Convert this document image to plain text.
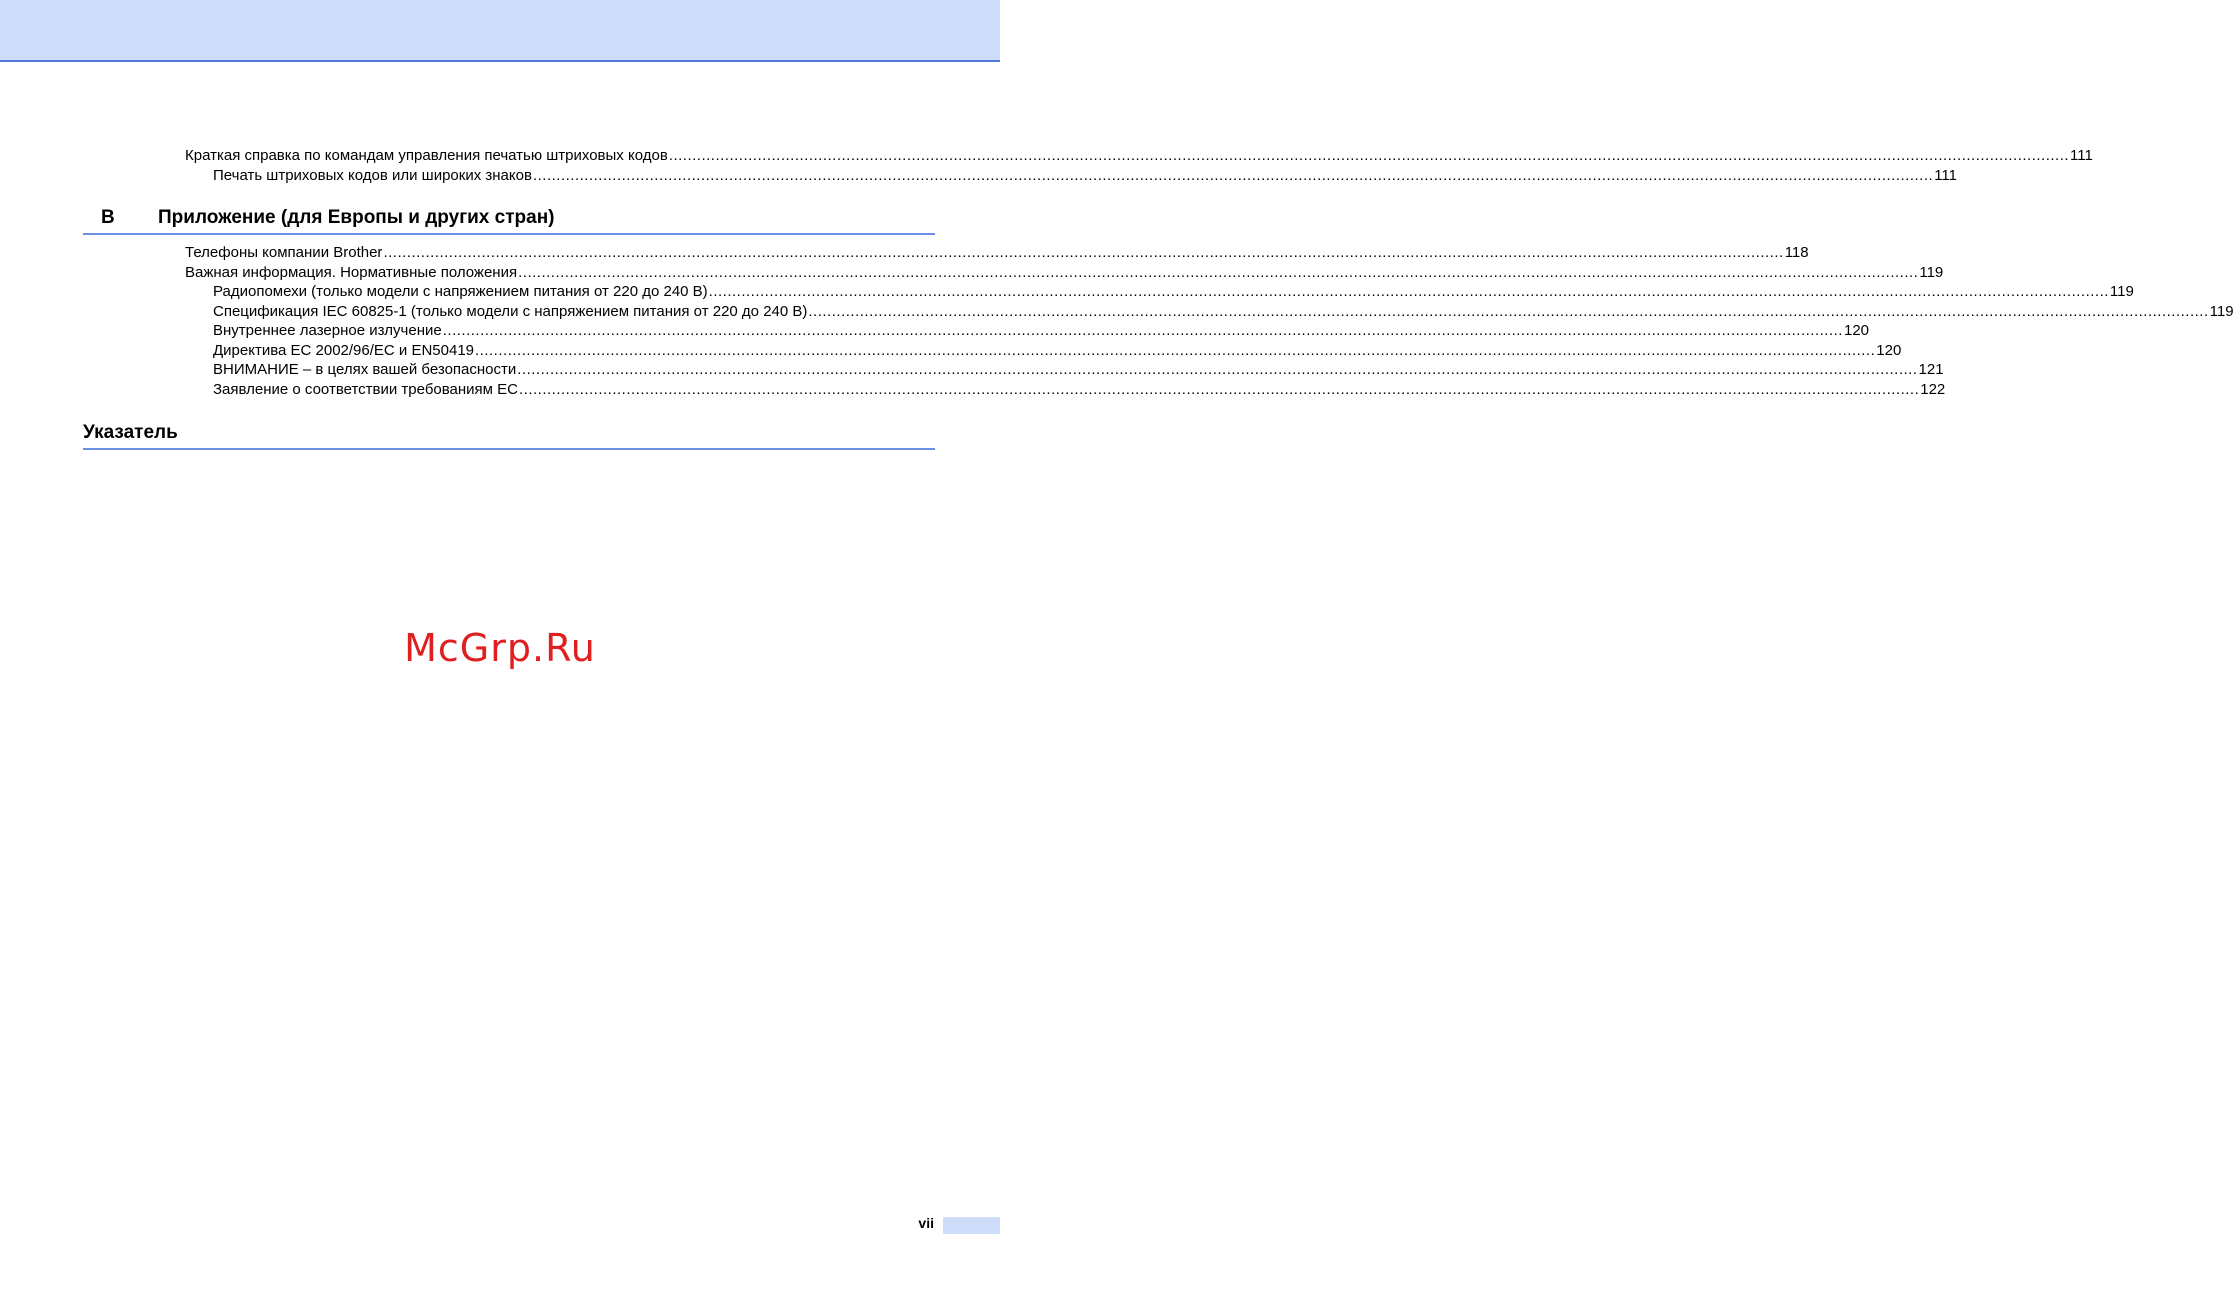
Краткая справка по командам управления печатью штриховых кодов ............................................................................................................................................................................................................................................................................................................ 111
Печать штриховых кодов или широких знаков ............................................................................................................................................................................................................................................................................................................ 111
B Приложение (для Европы и других стран)
Телефоны компании Brother ............................................................................................................................................................................................................................................................................................................ 118
Важная информация. Нормативные положения ............................................................................................................................................................................................................................................................................................................ 119
Радиопомехи (только модели с напряжением питания от 220 до 240 В) ............................................................................................................................................................................................................................................................................................................ 119
Спецификация IEC 60825-1 (только модели с напряжением питания от 220 до 240 В) ............................................................................................................................................................................................................................................................................................................ 119
Внутреннее лазерное излучение ............................................................................................................................................................................................................................................................................................................ 120
Директива ЕС 2002/96/ЕС и EN50419 ............................................................................................................................................................................................................................................................................................................ 120
ВНИМАНИЕ – в целях вашей безопасности ............................................................................................................................................................................................................................................................................................................ 121
Заявление о соответствии требованиям ЕС ............................................................................................................................................................................................................................................................................................................ 122
Указатель
McGrp.Ru
vii
